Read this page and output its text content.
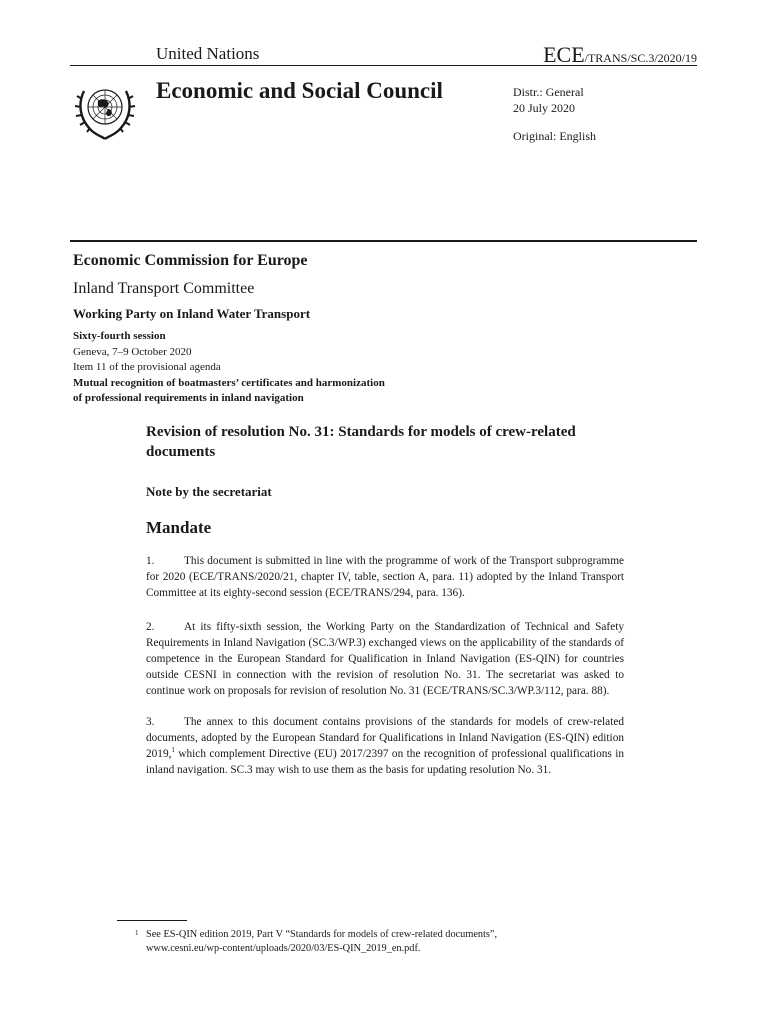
United Nations
Economic and Social Council
ECE/TRANS/SC.3/2020/19
Distr.: General
20 July 2020
Original: English
Economic Commission for Europe
Inland Transport Committee
Working Party on Inland Water Transport
Sixty-fourth session
Geneva, 7–9 October 2020
Item 11 of the provisional agenda
Mutual recognition of boatmasters’ certificates and harmonization
of professional requirements in inland navigation
Revision of resolution No. 31: Standards for models of crew-related documents
Note by the secretariat
Mandate
1.	This document is submitted in line with the programme of work of the Transport subprogramme for 2020 (ECE/TRANS/2020/21, chapter IV, table, section A, para. 11) adopted by the Inland Transport Committee at its eighty-second session (ECE/TRANS/294, para. 136).
2.	At its fifty-sixth session, the Working Party on the Standardization of Technical and Safety Requirements in Inland Navigation (SC.3/WP.3) exchanged views on the applicability of the standards of competence in the European Standard for Qualification in Inland Navigation (ES-QIN) for countries outside CESNI in connection with the revision of resolution No. 31. The secretariat was asked to continue work on proposals for revision of resolution No. 31 (ECE/TRANS/SC.3/WP.3/112, para. 88).
3.	The annex to this document contains provisions of the standards for models of crew-related documents, adopted by the European Standard for Qualifications in Inland Navigation (ES-QIN) edition 2019,$^1$ which complement Directive (EU) 2017/2397 on the recognition of professional qualifications in inland navigation. SC.3 may wish to use them as the basis for updating resolution No. 31.
1 See ES-QIN edition 2019, Part V “Standards for models of crew-related documents”,
www.cesni.eu/wp-content/uploads/2020/03/ES-QIN_2019_en.pdf.
